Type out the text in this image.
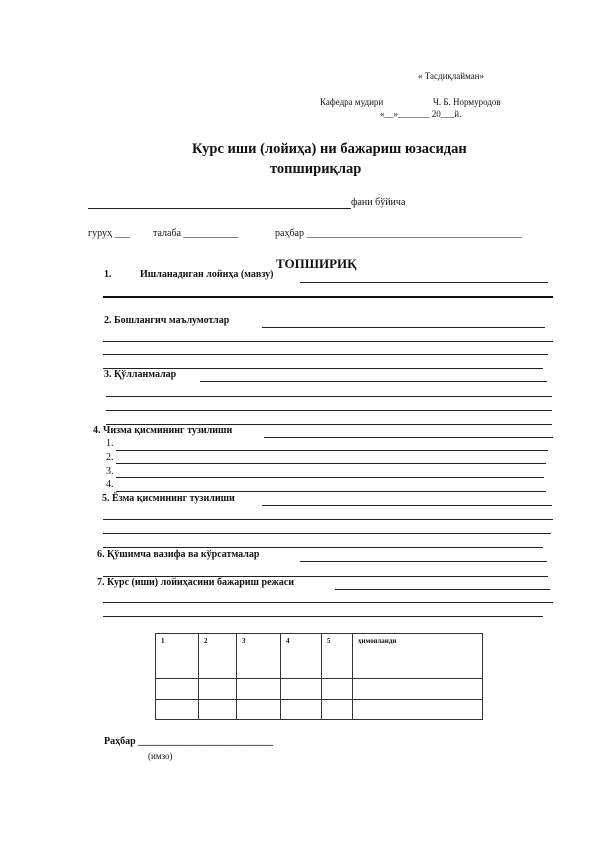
« Тасдиқлайман»
Кафедра мудири	Ч. Б. Нормуродов
«__»_______ 20___й.
Курс иши (лойиҳа) ни бажариш юзасидан
топшириқлар
фани бўйича
гуруҳ ___ талаба ___________	раҳбар ___________________________________________
ТОПШИРИҚ
1.	Ишланадиган лойиҳа (мавзу)
2. Бошлангич маълумотлар
3. Қўлланмалар
4. Чизма қисмининг тузилиши
1.
2.
3.
4.
5. Ёзма қисмининг тузилиши
6. Қўшимча вазифа ва кўрсатмалар
7. Курс (иши) лойиҳасини бажариш режаси
1	2	3	4	5	ҳимояланди

Раҳбар ___________________________
(имзо)
